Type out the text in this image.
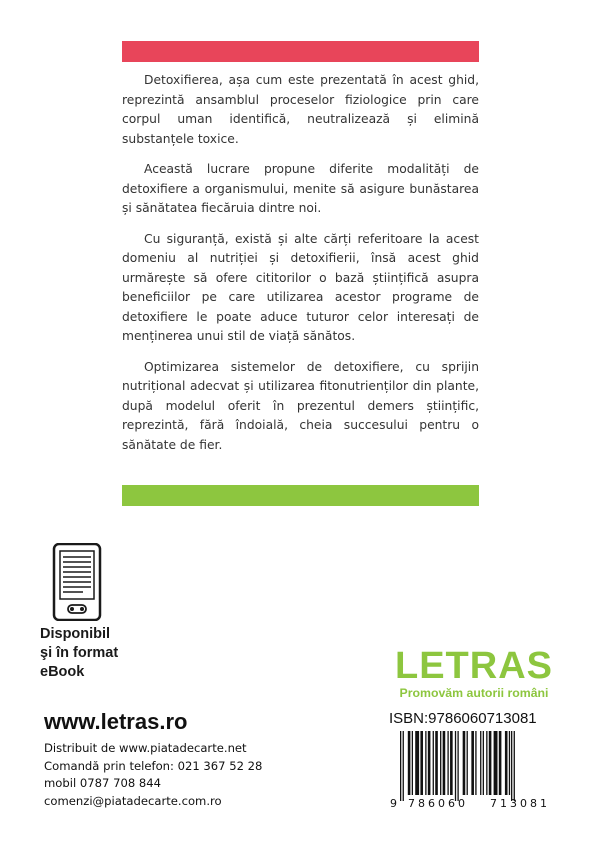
Detoxifierea, așa cum este prezentată în acest ghid, reprezintă ansamblul proceselor fiziologice prin care corpul uman identifică, neutralizează și elimină substanțele toxice.

Această lucrare propune diferite modalități de detoxifiere a organismului, menite să asigure bunăstarea și sănătatea fiecăruia dintre noi.

Cu siguranță, există și alte cărți referitoare la acest domeniu al nutriției și detoxifierii, însă acest ghid urmărește să ofere cititorilor o bază științifică asupra beneficiilor pe care utilizarea acestor programe de detoxifiere le poate aduce tuturor celor interesați de menținerea unui stil de viață sănătos.

Optimizarea sistemelor de detoxifiere, cu sprijin nutrițional adecvat și utilizarea fitonutrienților din plante, după modelul oferit în prezentul demers științific, reprezintă, fără îndoială, cheia succesului pentru o sănătate de fier.

Disponibil
şi în format
eBook
www.letras.ro
Distribuit de www.piatadecarte.net
Comandă prin telefon: 021 367 52 28
mobil 0787 708 844
comenzi@piatadecarte.com.ro
LETRAS
Promovăm autorii români
ISBN:9786060713081
9 786060 713081
